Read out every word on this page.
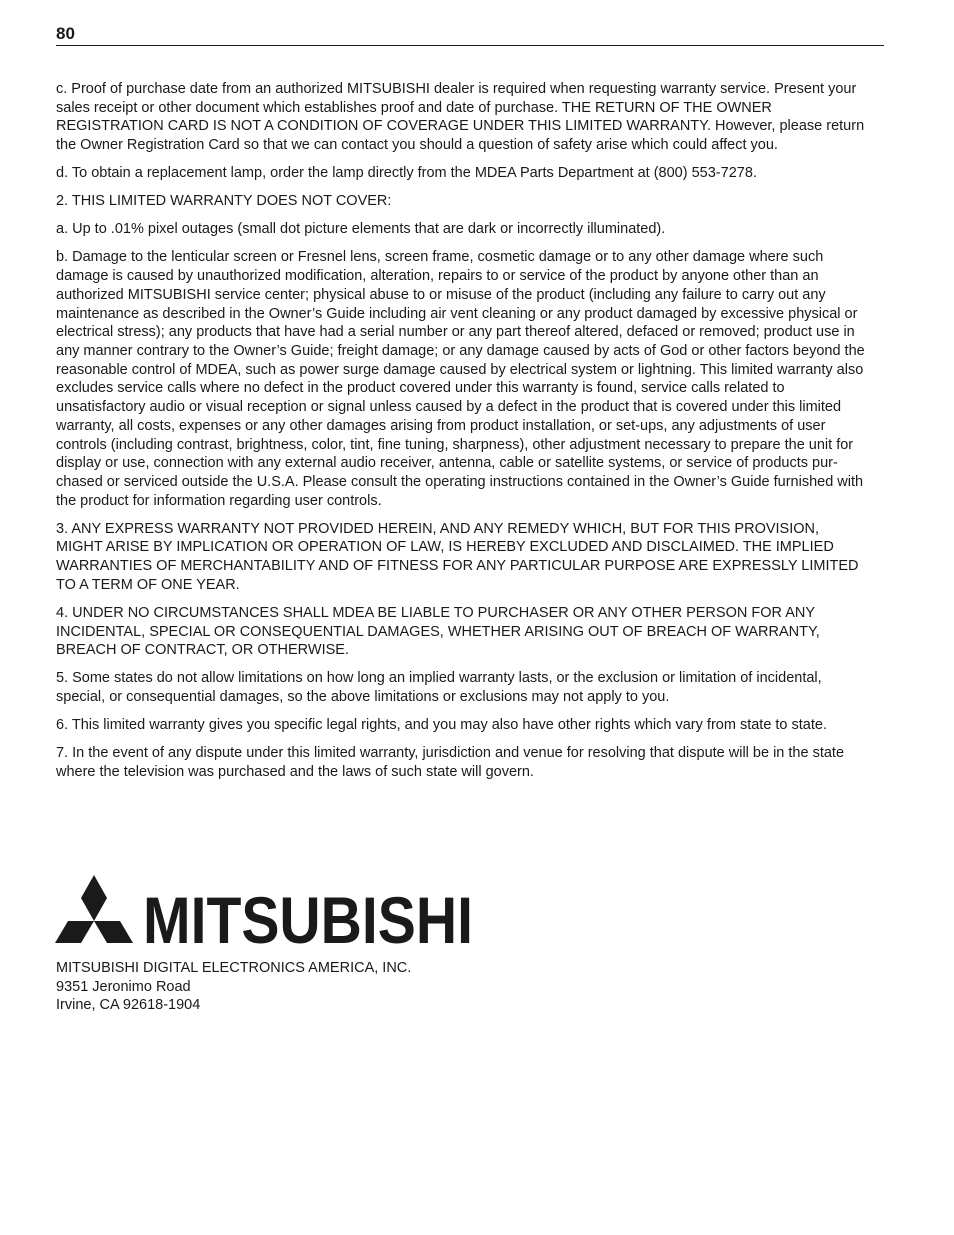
80

c. Proof of purchase date from an authorized MITSUBISHI dealer is required when requesting warranty service. Present your sales receipt or other document which establishes proof and date of purchase. THE RETURN OF THE OWNER REGISTRATION CARD IS NOT A CONDITION OF COVERAGE UNDER THIS LIMITED WARRANTY. However, please return the Owner Registration Card so that we can contact you should a question of safety arise which could affect you.

d. To obtain a replacement lamp, order the lamp directly from the MDEA Parts Department at (800) 553-7278.

2. THIS LIMITED WARRANTY DOES NOT COVER:

a. Up to .01% pixel outages (small dot picture elements that are dark or incorrectly illuminated).

b. Damage to the lenticular screen or Fresnel lens, screen frame, cosmetic damage or to any other damage where such damage is caused by unauthorized modification, alteration, repairs to or service of the product by anyone other than an authorized MITSUBISHI service center; physical abuse to or misuse of the product (including any failure to carry out any maintenance as described in the Owner’s Guide including air vent cleaning or any product damaged by excessive physical or electrical stress); any products that have had a serial number or any part thereof altered, defaced or removed; product use in any manner contrary to the Owner’s Guide; freight damage; or any damage caused by acts of God or other factors beyond the reasonable control of MDEA, such as power surge damage caused by electrical system or lightning. This limited warranty also excludes service calls where no defect in the product covered under this warranty is found, service calls related to unsatisfactory audio or visual reception or signal unless caused by a defect in the product that is covered under this limited warranty, all costs, expenses or any other damages arising from product installation, or set-ups, any adjustments of user controls (including contrast, brightness, color, tint, fine tuning, sharpness), other adjustment necessary to prepare the unit for display or use, connection with any external audio receiver, antenna, cable or satellite systems, or service of products purchased or serviced outside the U.S.A. Please consult the operating instructions contained in the Owner’s Guide furnished with the product for information regarding user controls.

3. ANY EXPRESS WARRANTY NOT PROVIDED HEREIN, AND ANY REMEDY WHICH, BUT FOR THIS PROVISION, MIGHT ARISE BY IMPLICATION OR OPERATION OF LAW, IS HEREBY EXCLUDED AND DISCLAIMED. THE IMPLIED WARRANTIES OF MERCHANTABILITY AND OF FITNESS FOR ANY PARTICULAR PURPOSE ARE EXPRESSLY LIMITED TO A TERM OF ONE YEAR.

4. UNDER NO CIRCUMSTANCES SHALL MDEA BE LIABLE TO PURCHASER OR ANY OTHER PERSON FOR ANY INCIDENTAL, SPECIAL OR CONSEQUENTIAL DAMAGES, WHETHER ARISING OUT OF BREACH OF WARRANTY, BREACH OF CONTRACT, OR OTHERWISE.

5. Some states do not allow limitations on how long an implied warranty lasts, or the exclusion or limitation of incidental, special, or consequential damages, so the above limitations or exclusions may not apply to you.

6. This limited warranty gives you specific legal rights, and you may also have other rights which vary from state to state.

7. In the event of any dispute under this limited warranty, jurisdiction and venue for resolving that dispute will be in the state where the television was purchased and the laws of such state will govern.

MITSUBISHI
MITSUBISHI DIGITAL ELECTRONICS AMERICA, INC.
9351 Jeronimo Road
Irvine, CA 92618-1904
